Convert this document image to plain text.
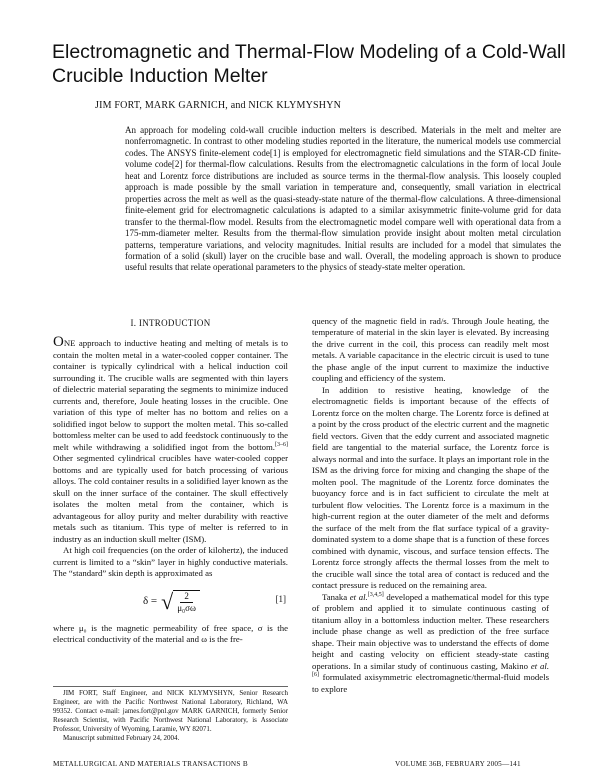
Electromagnetic and Thermal-Flow Modeling of a Cold-Wall
Crucible Induction Melter
JIM FORT, MARK GARNICH, and NICK KLYMYSHYN
An approach for modeling cold-wall crucible induction melters is described. Materials in the melt and melter are nonferromagnetic. In contrast to other modeling studies reported in the literature, the numerical models use commercial codes. The ANSYS finite-element code[1] is employed for electromagnetic field simulations and the STAR-CD finite-volume code[2] for thermal-flow calculations. Results from the electromagnetic calculations in the form of local Joule heat and Lorentz force distributions are included as source terms in the thermal-flow analysis. This loosely coupled approach is made possible by the small variation in temperature and, consequently, small variation in electrical properties across the melt as well as the quasi-steady-state nature of the thermal-flow calculations. A three-dimensional finite-element grid for electromagnetic calculations is adapted to a similar axisymmetric finite-volume grid for data transfer to the thermal-flow model. Results from the electromagnetic model compare well with operational data from a 175-mm-diameter melter. Results from the thermal-flow simulation provide insight about molten metal circulation patterns, temperature variations, and velocity magnitudes. Initial results are included for a model that simulates the formation of a solid (skull) layer on the crucible base and wall. Overall, the modeling approach is shown to produce useful results that relate operational parameters to the physics of steady-state melter operation.
I. INTRODUCTION

ONE approach to inductive heating and melting of metals is to contain the molten metal in a water-cooled copper container. The container is typically cylindrical with a helical induction coil surrounding it. The crucible walls are segmented with thin layers of dielectric material separating the segments to minimize induced currents and, therefore, Joule heating losses in the crucible. One variation of this type of melter has no bottom and relies on a solidified ingot below to support the molten metal. This so-called bottomless melter can be used to add feedstock continuously to the melt while withdrawing a solidified ingot from the bottom.[3–6] Other segmented cylindrical crucibles have water-cooled copper bottoms and are typically used for batch processing of various alloys. The cold container results in a solidified layer known as the skull on the inner surface of the container. The skull effectively isolates the molten metal from the container, which is advantageous for alloy purity and melter durability with reactive metals such as titanium. This type of melter is referred to in industry as an induction skull melter (ISM).

At high coil frequencies (on the order of kilohertz), the induced current is limited to a “skin” layer in highly conductive materials. The “standard” skin depth is approximated as

δ = √ $\frac{2}{\text{μ₀σω}}$	[1]

where μ₀ is the magnetic permeability of free space, σ is the electrical conductivity of the material and ω is the fre-

quency of the magnetic field in rad/s. Through Joule heating, the temperature of material in the skin layer is elevated. By increasing the drive current in the coil, this process can readily melt most metals. A variable capacitance in the electric circuit is used to tune the phase angle of the input current to maximize the inductive coupling and efficiency of the system.

In addition to resistive heating, knowledge of the electromagnetic fields is important because of the effects of Lorentz force on the molten charge. The Lorentz force is defined at a point by the cross product of the electric current and the magnetic field vectors. Given that the eddy current and associated magnetic field are tangential to the material surface, the Lorentz force is always normal and into the surface. It plays an important role in the ISM as the driving force for mixing and changing the shape of the molten pool. The magnitude of the Lorentz force dominates the buoyancy force and is in fact sufficient to circulate the melt at turbulent flow velocities. The Lorentz force is a maximum in the high-current region at the outer diameter of the melt and deforms the surface of the melt from the flat surface typical of a gravity-dominated system to a dome shape that is a function of these forces combined with dynamic, viscous, and surface tension effects. The Lorentz force strongly affects the thermal losses from the melt to the crucible wall since the total area of contact is reduced and the contact pressure is reduced on the remaining area.

Tanaka et al.[3,4,5] developed a mathematical model for this type of problem and applied it to simulate continuous casting of titanium alloy in a bottomless induction melter. These researchers include phase change as well as prediction of the free surface shape. Their main objective was to understand the effects of dome height and casting velocity on efficient steady-state casting operations. In a similar study of continuous casting, Makino et al.[6] formulated axisymmetric electromagnetic/thermal-fluid models to explore

JIM FORT, Staff Engineer, and NICK KLYMYSHYN, Senior Research Engineer, are with the Pacific Northwest National Laboratory, Richland, WA 99352. Contact e-mail: james.fort@pnl.gov MARK GARNICH, formerly Senior Research Scientist, with Pacific Northwest National Laboratory, is Associate Professor, University of Wyoming, Laramie, WY 82071.
Manuscript submitted February 24, 2004.
METALLURGICAL AND MATERIALS TRANSACTIONS B	VOLUME 36B, FEBRUARY 2005—141
